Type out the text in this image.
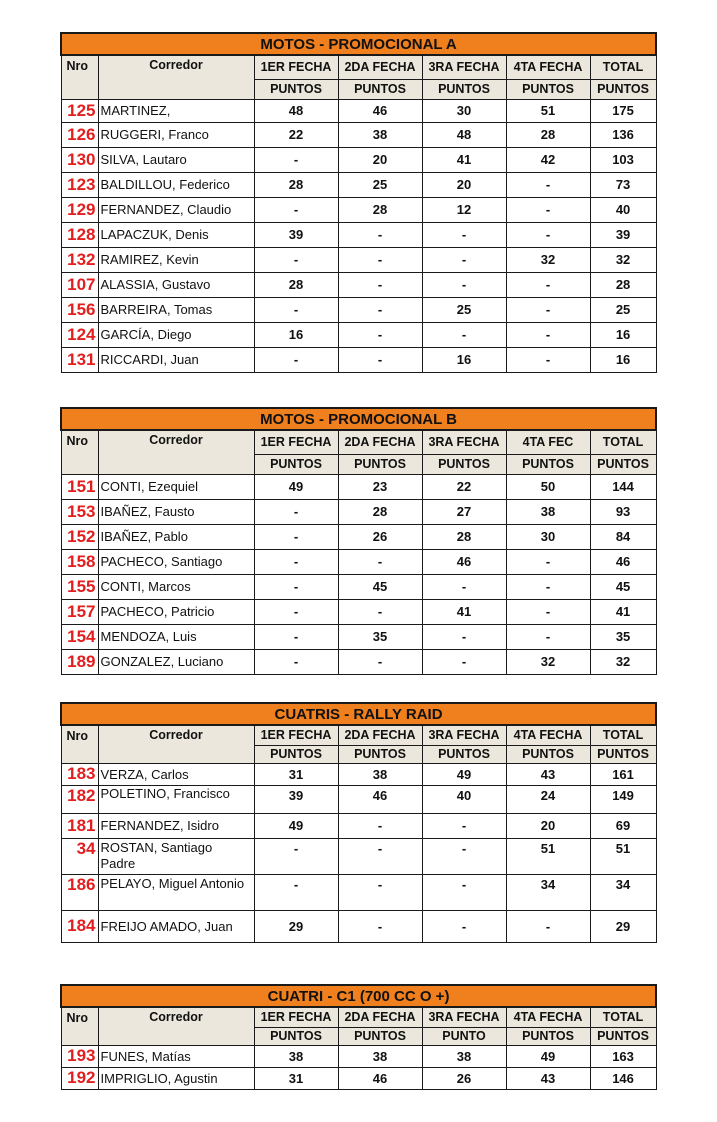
MOTOS - PROMOCIONAL A						
Nro	Corredor	1ER FECHA	2DA FECHA	3RA FECHA	4TA FECHA	TOTAL
		PUNTOS	PUNTOS	PUNTOS	PUNTOS	PUNTOS
125	MARTINEZ,	48	46	30	51	175
126	RUGGERI, Franco	22	38	48	28	136
130	SILVA, Lautaro	-	20	41	42	103
123	BALDILLOU, Federico	28	25	20	-	73
129	FERNANDEZ, Claudio	-	28	12	-	40
128	LAPACZUK, Denis	39	-	-	-	39
132	RAMIREZ, Kevin	-	-	-	32	32
107	ALASSIA, Gustavo	28	-	-	-	28
156	BARREIRA, Tomas	-	-	25	-	25
124	GARCÍA, Diego	16	-	-	-	16
131	RICCARDI, Juan	-	-	16	-	16
MOTOS - PROMOCIONAL B						
Nro	Corredor	1ER FECHA	2DA FECHA	3RA FECHA	4TA FEC	TOTAL
		PUNTOS	PUNTOS	PUNTOS	PUNTOS	PUNTOS
151	CONTI, Ezequiel	49	23	22	50	144
153	IBAÑEZ, Fausto	-	28	27	38	93
152	IBAÑEZ, Pablo	-	26	28	30	84
158	PACHECO, Santiago	-	-	46	-	46
155	CONTI, Marcos	-	45	-	-	45
157	PACHECO, Patricio	-	-	41	-	41
154	MENDOZA, Luis	-	35	-	-	35
189	GONZALEZ, Luciano	-	-	-	32	32
CUATRIS - RALLY RAID						
Nro	Corredor	1ER FECHA	2DA FECHA	3RA FECHA	4TA FECHA	TOTAL
		PUNTOS	PUNTOS	PUNTOS	PUNTOS	PUNTOS
183	VERZA, Carlos	31	38	49	43	161
182	POLETINO, Francisco	39	46	40	24	149
181	FERNANDEZ, Isidro	49	-	-	20	69
34	ROSTAN, Santiago Padre	-	-	-	51	51
186	PELAYO, Miguel Antonio	-	-	-	34	34
184	FREIJO AMADO, Juan	29	-	-	-	29
CUATRI - C1 (700 CC O +)						
Nro	Corredor	1ER FECHA	2DA FECHA	3RA FECHA	4TA FECHA	TOTAL
		PUNTOS	PUNTOS	PUNTO	PUNTOS	PUNTOS
193	FUNES, Matías	38	38	38	49	163
192	IMPRIGLIO, Agustin	31	46	26	43	146
